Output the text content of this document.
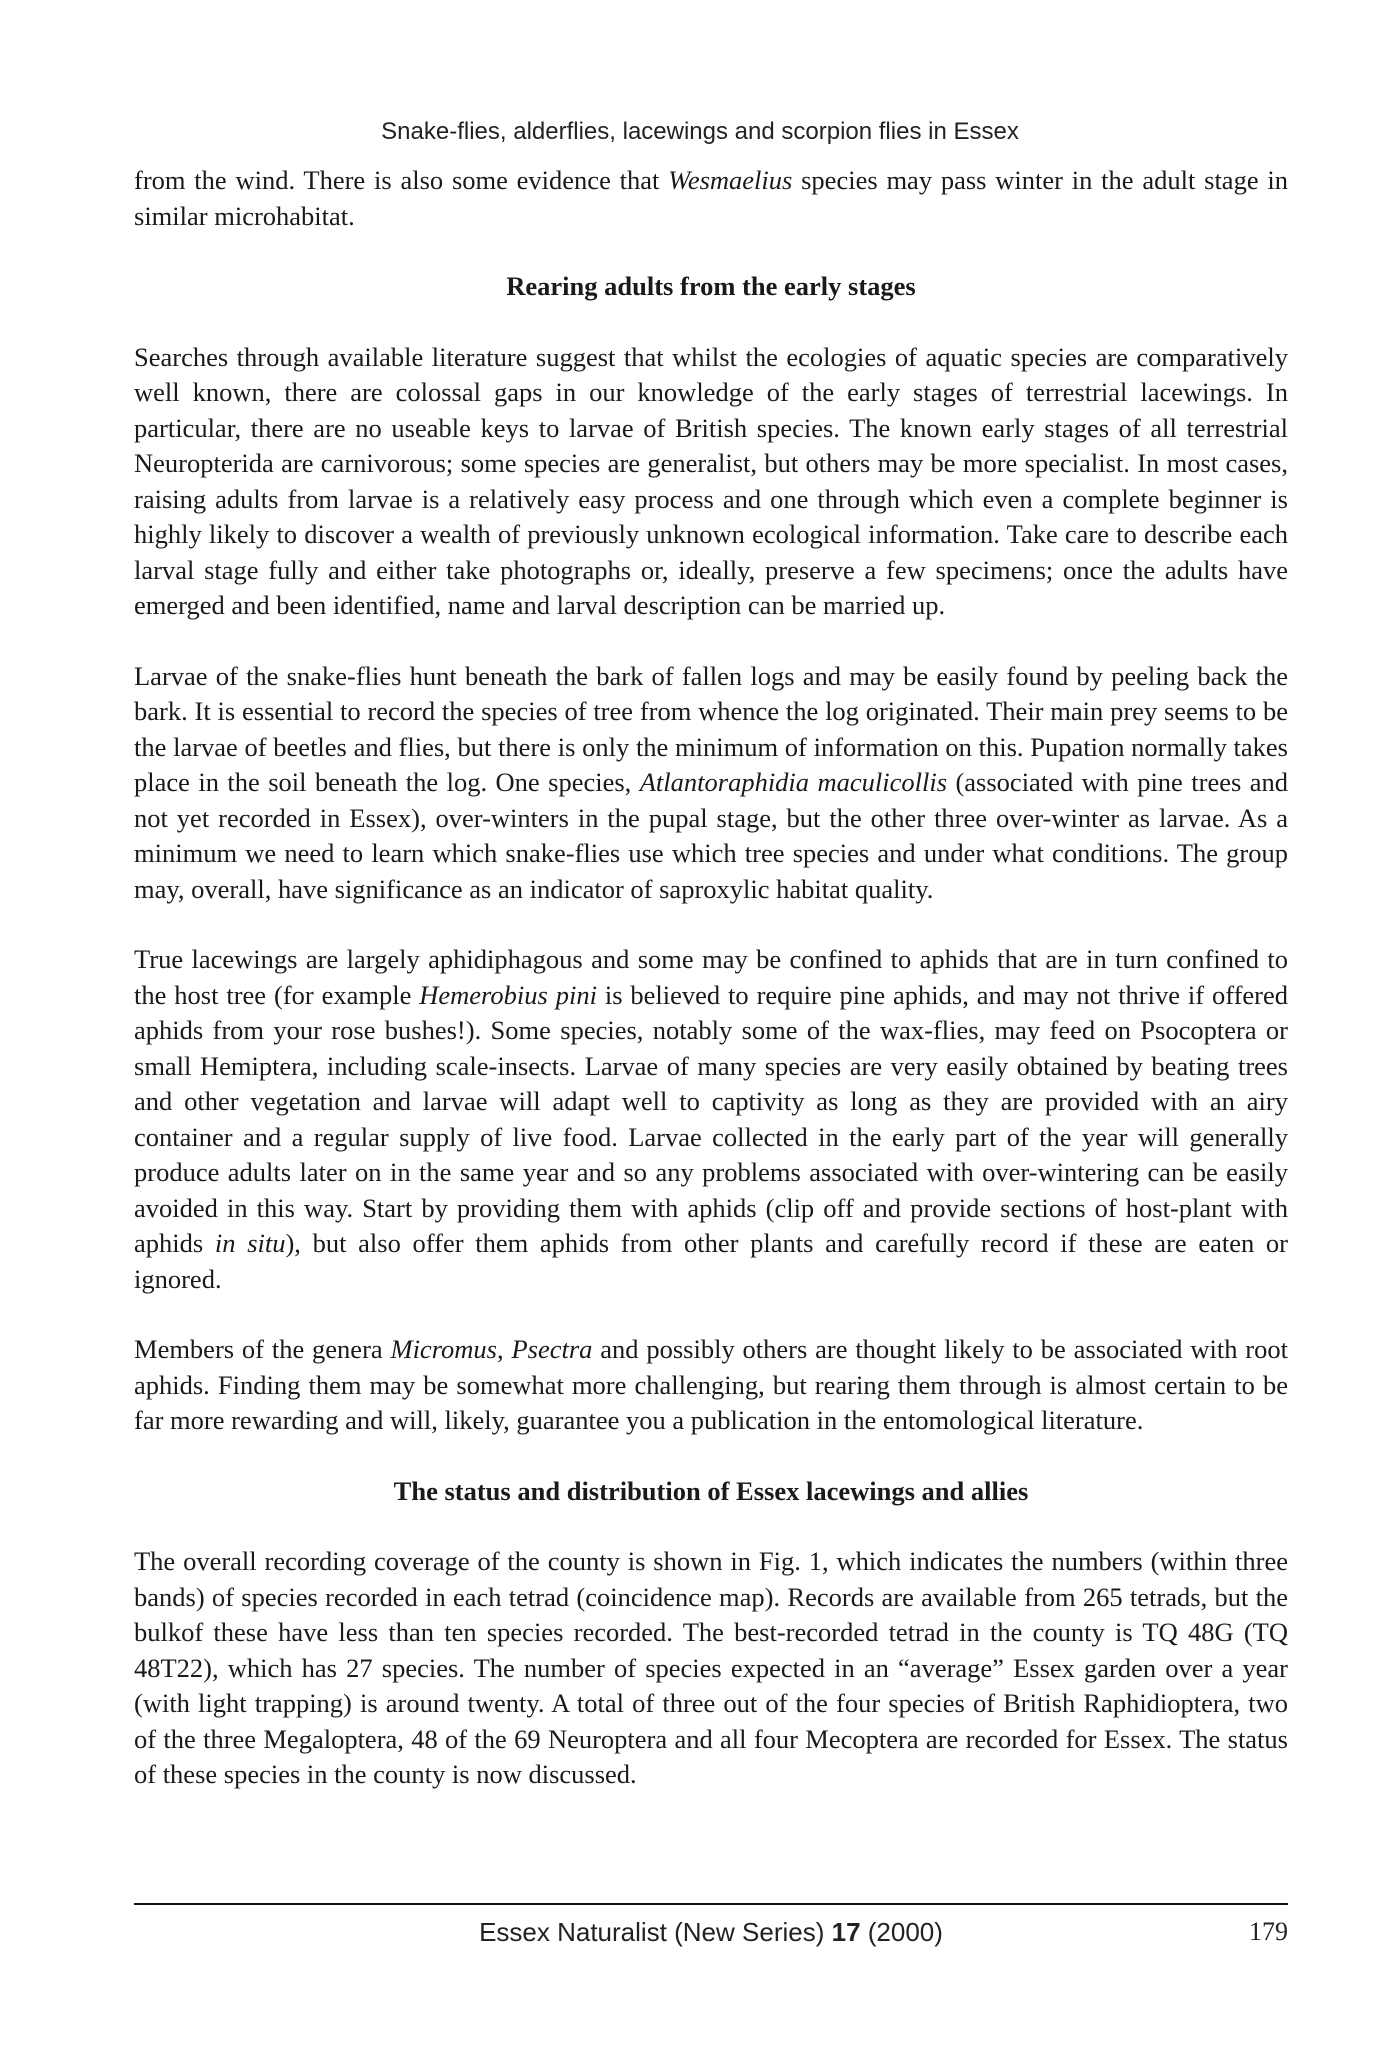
Snake-flies, alderflies, lacewings and scorpion flies in Essex

from the wind. There is also some evidence that Wesmaelius species may pass winter in the adult stage in similar microhabitat.

Rearing adults from the early stages

Searches through available literature suggest that whilst the ecologies of aquatic species are comparatively well known, there are colossal gaps in our knowledge of the early stages of terrestrial lacewings. In particular, there are no useable keys to larvae of British species. The known early stages of all terrestrial Neuropterida are carnivorous; some species are generalist, but others may be more specialist. In most cases, raising adults from larvae is a relatively easy process and one through which even a complete beginner is highly likely to discover a wealth of previously unknown ecological information. Take care to describe each larval stage fully and either take photographs or, ideally, preserve a few specimens; once the adults have emerged and been identified, name and larval description can be married up.

Larvae of the snake-flies hunt beneath the bark of fallen logs and may be easily found by peeling back the bark. It is essential to record the species of tree from whence the log originated. Their main prey seems to be the larvae of beetles and flies, but there is only the minimum of information on this. Pupation normally takes place in the soil beneath the log. One species, Atlantoraphidia maculicollis (associated with pine trees and not yet recorded in Essex), over-winters in the pupal stage, but the other three over-winter as larvae. As a minimum we need to learn which snake-flies use which tree species and under what conditions. The group may, overall, have significance as an indicator of saproxylic habitat quality.

True lacewings are largely aphidiphagous and some may be confined to aphids that are in turn confined to the host tree (for example Hemerobius pini is believed to require pine aphids, and may not thrive if offered aphids from your rose bushes!). Some species, notably some of the wax-flies, may feed on Psocoptera or small Hemiptera, including scale-insects. Larvae of many species are very easily obtained by beating trees and other vegetation and larvae will adapt well to captivity as long as they are provided with an airy container and a regular supply of live food. Larvae collected in the early part of the year will generally produce adults later on in the same year and so any problems associated with over-wintering can be easily avoided in this way. Start by providing them with aphids (clip off and provide sections of host-plant with aphids in situ), but also offer them aphids from other plants and carefully record if these are eaten or ignored.

Members of the genera Micromus, Psectra and possibly others are thought likely to be associated with root aphids. Finding them may be somewhat more challenging, but rearing them through is almost certain to be far more rewarding and will, likely, guarantee you a publication in the entomological literature.

The status and distribution of Essex lacewings and allies

The overall recording coverage of the county is shown in Fig. 1, which indicates the numbers (within three bands) of species recorded in each tetrad (coincidence map). Records are available from 265 tetrads, but the bulkof these have less than ten species recorded. The best-recorded tetrad in the county is TQ 48G (TQ 48T22), which has 27 species. The number of species expected in an “average” Essex garden over a year (with light trapping) is around twenty. A total of three out of the four species of British Raphidioptera, two of the three Megaloptera, 48 of the 69 Neuroptera and all four Mecoptera are recorded for Essex. The status of these species in the county is now discussed.

Essex Naturalist (New Series) 17 (2000)	179
